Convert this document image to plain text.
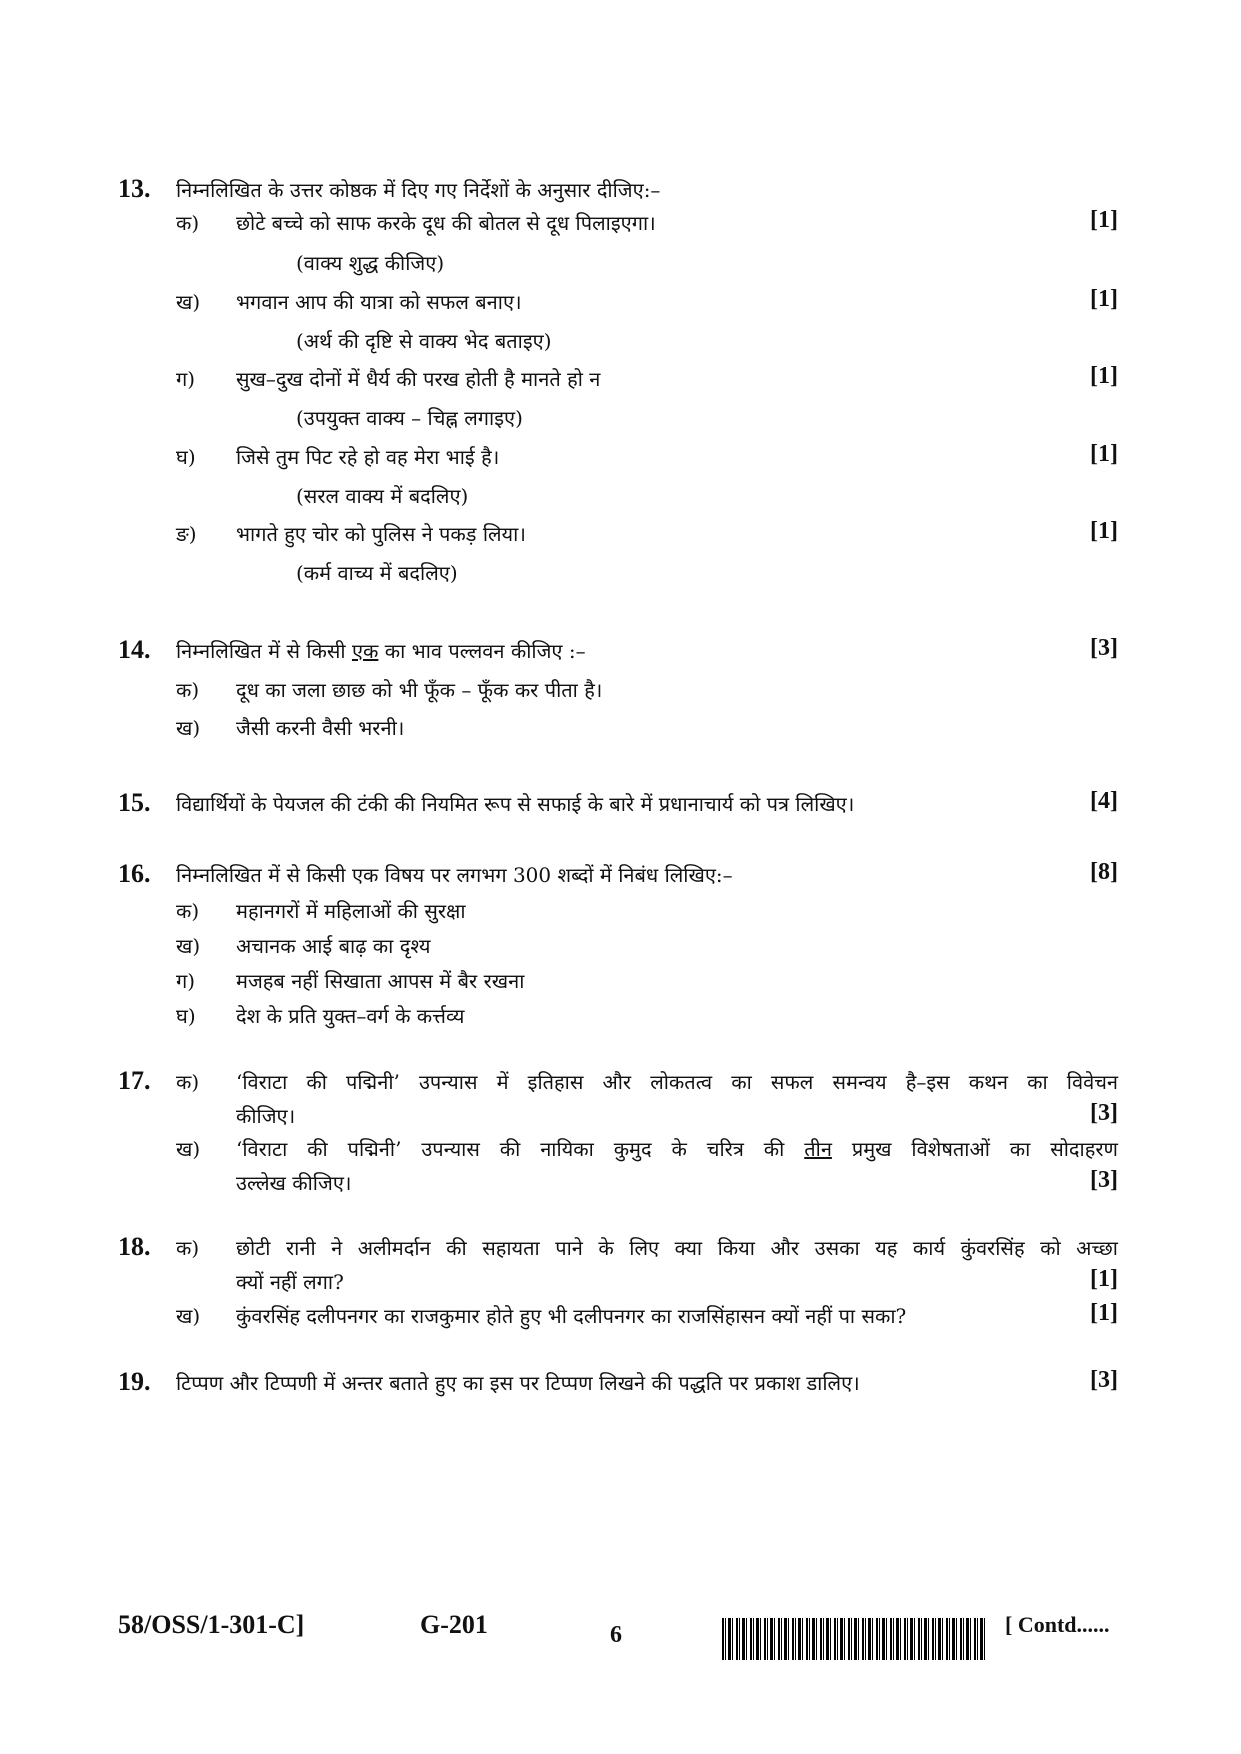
13. निम्नलिखित के उत्तर कोष्ठक में दिए गए निर्देशों के अनुसार दीजिए:–
क) छोटे बच्चे को साफ करके दूध की बोतल से दूध पिलाइएगा।	[1]
(वाक्य शुद्ध कीजिए)
ख) भगवान आप की यात्रा को सफल बनाए।	[1]
(अर्थ की दृष्टि से वाक्य भेद बताइए)
ग) सुख–दुख दोनों में धैर्य की परख होती है मानते हो न	[1]
(उपयुक्त वाक्य – चिह्न लगाइए)
घ) जिसे तुम पिट रहे हो वह मेरा भाई है।	[1]
(सरल वाक्य में बदलिए)
ङ) भागते हुए चोर को पुलिस ने पकड़ लिया।	[1]
(कर्म वाच्य में बदलिए)
14. निम्नलिखित में से किसी एक का भाव पल्लवन कीजिए :–	[3]
क) दूध का जला छाछ को भी फूँक – फूँक कर पीता है।
ख) जैसी करनी वैसी भरनी।
15. विद्यार्थियों के पेयजल की टंकी की नियमित रूप से सफाई के बारे में प्रधानाचार्य को पत्र लिखिए।	[4]
16. निम्नलिखित में से किसी एक विषय पर लगभग 300 शब्दों में निबंध लिखिए:–	[8]
क) महानगरों में महिलाओं की सुरक्षा
ख) अचानक आई बाढ़ का दृश्य
ग) मजहब नहीं सिखाता आपस में बैर रखना
घ) देश के प्रति युक्त–वर्ग के कर्त्तव्य
17. क) ‘विराटा की पद्मिनी’ उपन्यास में इतिहास और लोकतत्व का सफल समन्वय है–इस कथन का विवेचन
कीजिए।	[3]
ख) ‘विराटा की पद्मिनी’ उपन्यास की नायिका कुमुद के चरित्र की तीन प्रमुख विशेषताओं का सोदाहरण
उल्लेख कीजिए।	[3]
18. क) छोटी रानी ने अलीमर्दान की सहायता पाने के लिए क्या किया और उसका यह कार्य कुंवरसिंह को अच्छा
क्यों नहीं लगा?	[1]
ख) कुंवरसिंह दलीपनगर का राजकुमार होते हुए भी दलीपनगर का राजसिंहासन क्यों नहीं पा सका?	[1]
19. टिप्पण और टिप्पणी में अन्तर बताते हुए का इस पर टिप्पण लिखने की पद्धति पर प्रकाश डालिए।	[3]
58/OSS/1-301-C]	G-201	6	[ Contd......
